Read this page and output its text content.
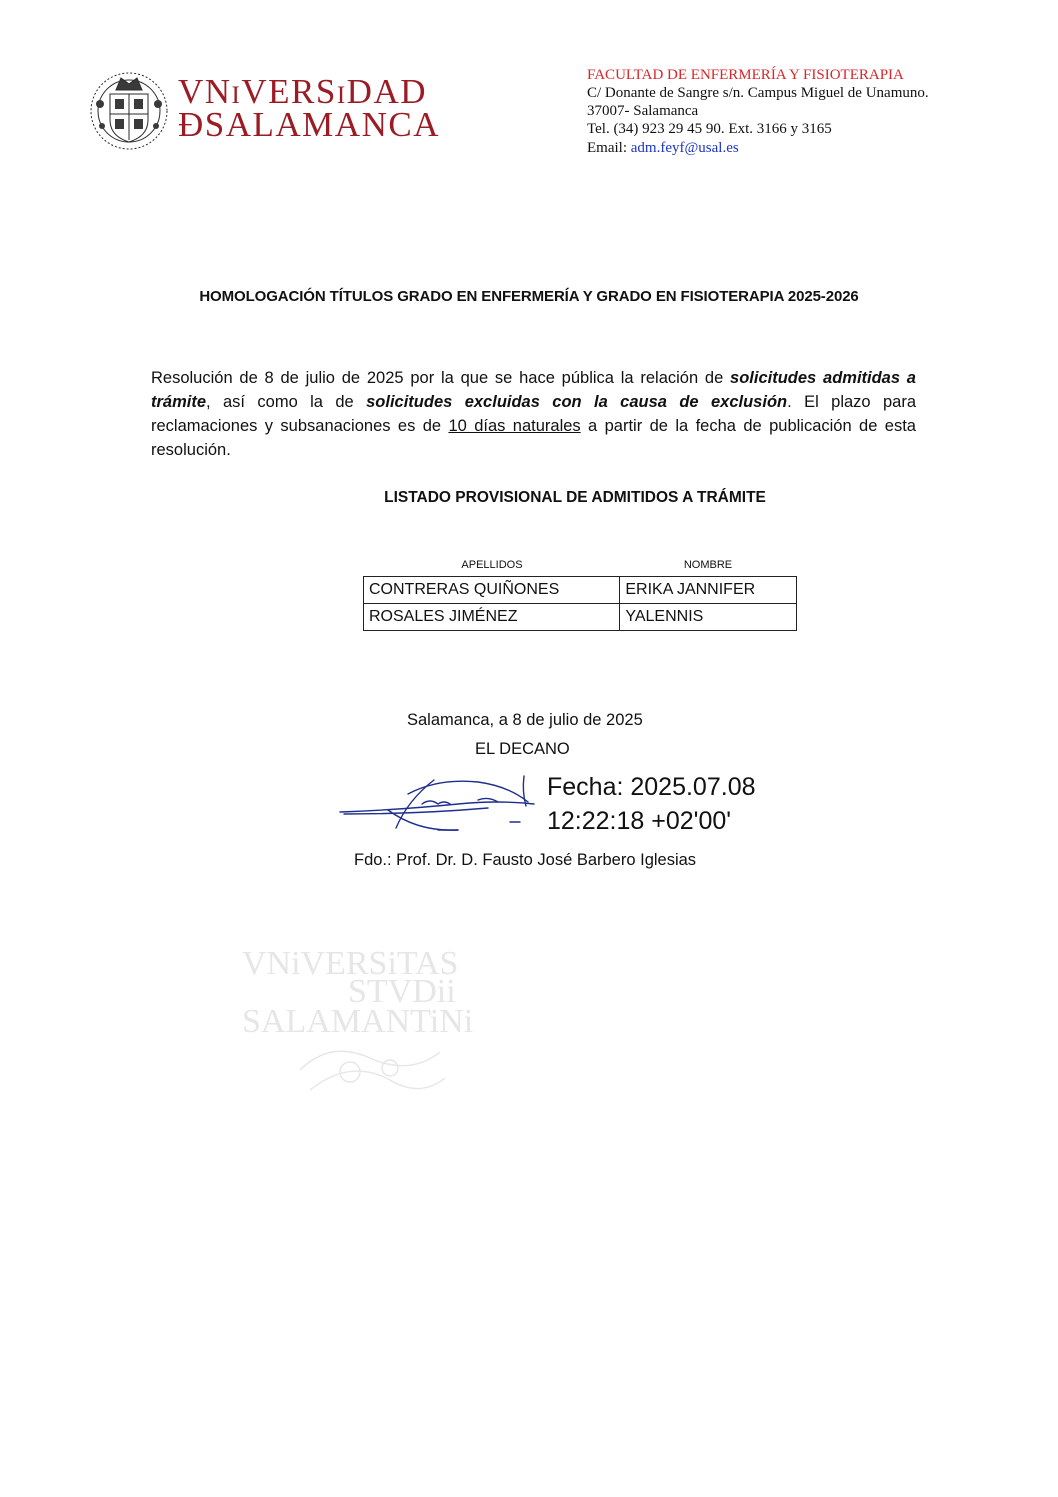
VNiVERSiDAD
ÐSALAMANCA
FACULTAD DE ENFERMERÍA Y FISIOTERAPIA
C/ Donante de Sangre s/n. Campus Miguel de Unamuno.
37007- Salamanca
Tel. (34) 923 29 45 90. Ext. 3166 y 3165
Email: adm.feyf@usal.es
HOMOLOGACIÓN TÍTULOS GRADO EN ENFERMERÍA Y GRADO EN FISIOTERAPIA 2025-2026
Resolución de 8 de julio de 2025 por la que se hace pública la relación de solicitudes admitidas a trámite, así como la de solicitudes excluidas con la causa de exclusión. El plazo para reclamaciones y subsanaciones es de 10 días naturales a partir de la fecha de publicación de esta resolución.
LISTADO PROVISIONAL DE ADMITIDOS A TRÁMITE
APELLIDOS	NOMBRE
CONTRERAS QUIÑONES	ERIKA JANNIFER
ROSALES JIMÉNEZ	YALENNIS
Salamanca, a 8 de julio de 2025
EL DECANO
Fecha: 2025.07.08
12:22:18 +02'00'
Fdo.: Prof. Dr. D. Fausto José Barbero Iglesias
VNiVERSiTAS
STVDii
SALAMANTiNi
